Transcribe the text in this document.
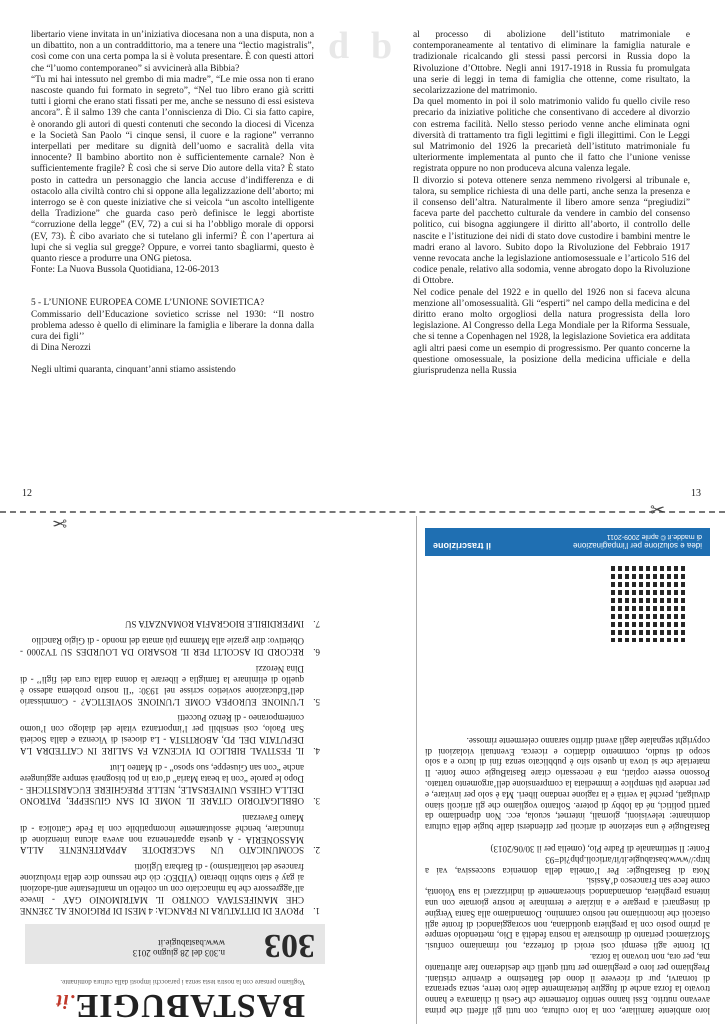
d b

libertario viene invitata in un’iniziativa diocesana non a una disputa, non a un dibattito, non a un contraddittorio, ma a tenere una “lectio magistralis”, così come con una certa pompa la si è voluta presentare. È con questi attori che “l’uomo contemporaneo” si avvicinerà alla Bibbia?

“Tu mi hai intessuto nel grembo di mia madre”, “Le mie ossa non ti erano nascoste quando fui formato in segreto”, “Nel tuo libro erano già scritti tutti i giorni che erano stati fissati per me, anche se nessuno di essi esisteva ancora”. È il salmo 139 che canta l’onniscienza di Dio. Ci sia fatto capire, è onorando gli autori di questi contenuti che secondo la diocesi di Vicenza e la Società San Paolo “i cinque sensi, il cuore e la ragione” verranno interpellati per meditare su dignità dell’uomo e sacralità della vita innocente? Il bambino abortito non è sufficientemente carnale? Non è sufficientemente fragile? È così che si serve Dio autore della vita? È stato posto in cattedra un personaggio che lancia accuse d’indifferenza e di ostacolo alla civiltà contro chi si oppone alla legalizzazione dell’aborto; mi interrogo se è con queste iniziative che si veicola “un ascolto intelligente della Tradizione” che guarda caso però definisce le leggi abortiste “corruzione della legge” (EV, 72) a cui si ha l’obbligo morale di opporsi (EV, 73). È cibo avariato che si tutelano gli infermi? È con l’apertura ai lupi che si veglia sul gregge? Oppure, e vorrei tanto sbagliarmi, questo è quanto riesce a produrre una ONG pietosa.

Fonte: La Nuova Bussola Quotidiana, 12-06-2013

5 - L’UNIONE EUROPEA COME L’UNIONE SOVIETICA?

Commissario dell’Educazione sovietico scrisse nel 1930: ‘‘Il nostro problema adesso è quello di eliminare la famiglia e liberare la donna dalla cura dei figli’’

di Dina Nerozzi

Negli ultimi quaranta, cinquant’anni stiamo assistendo

al processo di abolizione dell’istituto matrimoniale e contemporaneamente al tentativo di eliminare la famiglia naturale e tradizionale ricalcando gli stessi passi percorsi in Russia dopo la Rivoluzione d’Ottobre. Negli anni 1917-1918 in Russia fu promulgata una serie di leggi in tema di famiglia che ottenne, come risultato, la secolarizzazione del matrimonio.

Da quel momento in poi il solo matrimonio valido fu quello civile reso precario da iniziative politiche che consentivano di accedere al divorzio con estrema facilità. Nello stesso periodo venne anche eliminata ogni diversità di trattamento tra figli legittimi e figli illegittimi. Con le Leggi sul Matrimonio del 1926 la precarietà dell’istituto matrimoniale fu ulteriormente implementata al punto che il fatto che l’unione venisse registrata oppure no non produceva alcuna valenza legale.

Il divorzio si poteva ottenere senza nemmeno rivolgersi al tribunale e, talora, su semplice richiesta di una delle parti, anche senza la presenza e il consenso dell’altra. Naturalmente il libero amore senza “pregiudizi” faceva parte del pacchetto culturale da vendere in cambio del consenso politico, cui bisogna aggiungere il diritto all’aborto, il controllo delle nascite e l’istituzione dei nidi di stato dove custodire i bambini mentre le madri erano al lavoro. Subito dopo la Rivoluzione del Febbraio 1917 venne revocata anche la legislazione antiomosessuale e l’articolo 516 del codice penale, relativo alla sodomia, venne abrogato dopo la Rivoluzione di Ottobre.

Nel codice penale del 1922 e in quello del 1926 non si faceva alcuna menzione all’omosessualità. Gli “esperti” nel campo della medicina e del diritto erano molto orgogliosi della natura progressista della loro legislazione. Al Congresso della Lega Mondiale per la Riforma Sessuale, che si tenne a Copenhagen nel 1928, la legislazione Sovietica era additata agli altri paesi come un esempio di progressismo. Per quanto concerne la questione omosessuale, la posizione della medicina ufficiale e della giurisprudenza nella Russia

12	13
✂
✂

loro ambiente familiare, con la loro cultura, con tutti gli affetti che prima avevano nutrito. Essi hanno sentito fortemente che Gesù li chiamava e hanno trovato la forza anche di fuggire letteralmente dalle loro terre, senza speranza di tornarvi, pur di ricevere il dono del Battesimo e divenire cristiani. Preghiamo per loro e preghiamo per tutti quelli che desiderano fare altrettanto ma, per ora, non trovano la forza.

Di fronte agli esempi così eroici di fortezza, noi rimaniamo confusi. Sforziamoci pertanto di dimostrare la nostra fedeltà a Dio, mettendolo sempre al primo posto con la preghiera quotidiana, non scoraggiandoci di fronte agli ostacoli che incontriamo nel nostro cammino. Domandiamo alla Santa Vergine di insegnarci a pregare e a iniziare e terminare le nostre giornate con una intensa preghiera, domandandoci sinceramente di indirizzarci la sua Volontà, come fece san Francesco d’Assisi.

Nota di BastaBugie: Per l’omelia della domenica successiva, vai a http://www.bastabugie.it/it/articoli.php?id=93

Fonte: Il settimanale di Padre Pio, (omelia per il 30/06/2013)

BastaBugie è una selezione di articoli per difendersi dalle bugie della cultura dominante: televisioni, giornali, internet, scuola, ecc. Non dipendiamo da partiti politici, né da lobby di potere. Soltanto vogliamo che gli articoli siano divulgati, perché la verità e la ragione rendano liberi. Ma è solo per invitare, e per rendere più semplice e immediata la comprensione dell’argomento trattato. Possono essere copiati, ma è necessario citare BastaBugie come fonte. Il materiale che si trova in questo sito è pubblicato senza fini di lucro e a solo scopo di studio, commento didattico e ricerca. Eventuali violazioni di copyright segnalate dagli aventi diritto saranno celermente rimosse.

idea e soluzione per l’impaginazione
di madde.it © aprile 2009-2011
il trascrizione
BASTABUGIE.it
Vogliamo pensare con la nostra testa senza i paraocchi imposti dalla cultura dominante.
303
n.303 del 28 giugno 2013
www.bastabugie.it
1.
PROVE DI DITTATURA IN FRANCIA: 4 MESI DI PRIGIONE AL 23ENNE CHE MANIFESTAVA CONTRO IL MATRIMONIO GAY - Invece all’aggressore che ha minacciato con un coltello un manifestante anti-adozioni ai gay è stato subito liberato (VIDEO: ciò che nessuno dice della rivoluzione francese del totalitarismo) - di Barbara Ugliotti
2.
SCOMUNICATO UN SACERDOTE APPARTENENTE ALLA MASSONERIA - A questa appartenenza non aveva alcuna intenzione di rinunciare, benché assolutamente incompatibile con la Fede Cattolica - di Mauro Faverzani
3.
OBBLIGATORIO CITARE IL NOME DI SAN GIUSEPPE, PATRONO DELLA CHIESA UNIVERSALE, NELLE PREGHIERE EUCARISTICHE - Dopo le parole “con la beata Maria” d’ora in poi bisognerà sempre aggiungere anche “con san Giuseppe, suo sposo” - di Matteo Liut
4.
IL FESTIVAL BIBLICO DI VICENZA FA SALIRE IN CATTEDRA LA DEPUTATA DEL PD, ABORTISTA - La diocesi di Vicenza e dalla Società San Paolo, così sensibili per l’importanza vitale del dialogo con l’uomo contemporaneo - di Renzo Puccetti
5.
L’UNIONE EUROPEA COME L’UNIONE SOVIETICA? - Commissario dell’Educazione sovietico scrisse nel 1930: ‘‘Il nostro problema adesso è quello di eliminare la famiglia e liberare la donna dalla cura dei figli’’ - di Dina Nerozzi
6.
RECORD DI ASCOLTI PER IL ROSARIO DA LOURDES SU TV2000 - Obiettivo: dire grazie alla Mamma più amata del mondo - di Gigio Rancilio
7.
IMPERDIBILE BIOGRAFIA ROMANZATA SU
